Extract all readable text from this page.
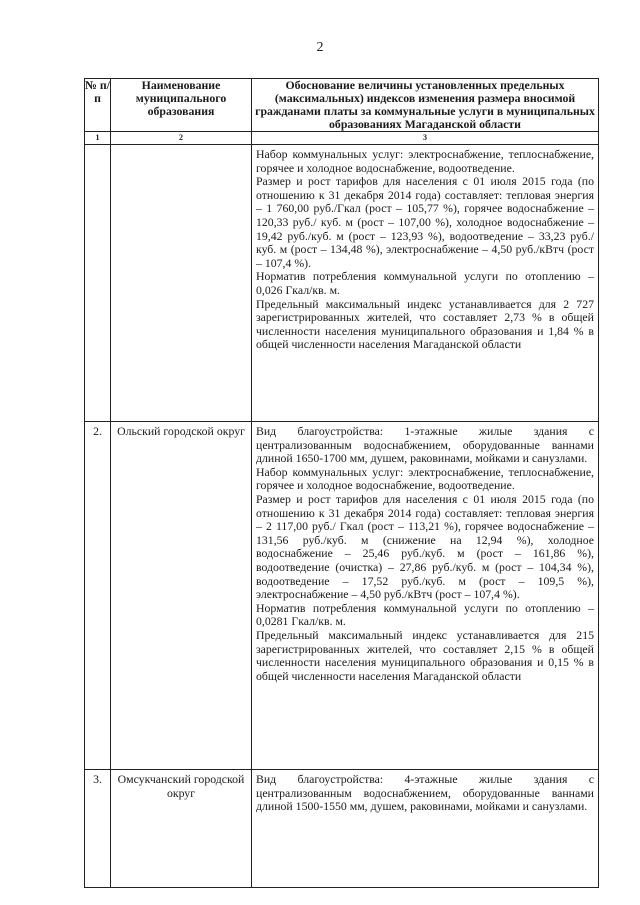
2
№ п/п	Наименование муниципального образования	Обоснование величины установленных предельных (максимальных) индексов изменения размера вносимой гражданами платы за коммунальные услуги в муниципальных образованиях Магаданской области
1	2	3

		Набор коммунальных услуг: электроснабжение, теплоснабжение, горячее и холодное водоснабжение, водоотведение.

Размер и рост тарифов для населения с 01 июля 2015 года (по отношению к 31 декабря 2014 года) составляет: тепловая энергия – 1 760,00 руб./Гкал (рост – 105,77 %), горячее водоснабжение – 120,33 руб./ куб. м (рост – 107,00 %), холодное водоснабжение – 19,42 руб./куб. м (рост – 123,93 %), водоотведение – 33,23 руб./куб. м (рост – 134,48 %), электроснабжение – 4,50 руб./кВтч (рост – 107,4 %).

Норматив потребления коммунальной услуги по отоплению – 0,026 Гкал/кв. м.

Предельный максимальный индекс устанавливается для 2 727 зарегистрированных жителей, что составляет 2,73 % в общей численности населения муниципального образования и 1,84 % в общей численности населения Магаданской области

2.	Ольский городской округ	Вид благоустройства: 1-этажные жилые здания с централизованным водоснабжением, оборудованные ваннами длиной 1650-1700 мм, душем, раковинами, мойками и санузлами.

Набор коммунальных услуг: электроснабжение, теплоснабжение, горячее и холодное водоснабжение, водоотведение.

Размер и рост тарифов для населения с 01 июля 2015 года (по отношению к 31 декабря 2014 года) составляет: тепловая энергия – 2 117,00 руб./ Гкал (рост – 113,21 %), горячее водоснабжение – 131,56 руб./куб. м (снижение на 12,94 %), холодное водоснабжение – 25,46 руб./куб. м (рост – 161,86 %), водоотведение (очистка) – 27,86 руб./куб. м (рост – 104,34 %), водоотведение – 17,52 руб./куб. м (рост – 109,5 %), электроснабжение – 4,50 руб./кВтч (рост – 107,4 %).

Норматив потребления коммунальной услуги по отоплению – 0,0281 Гкал/кв. м.

Предельный максимальный индекс устанавливается для 215 зарегистрированных жителей, что составляет 2,15 % в общей численности населения муниципального образования и 0,15 % в общей численности населения Магаданской области

3.	Омсукчанский городской округ	Вид благоустройства: 4-этажные жилые здания с централизованным водоснабжением, оборудованные ваннами длиной 1500-1550 мм, душем, раковинами, мойками и санузлами.
